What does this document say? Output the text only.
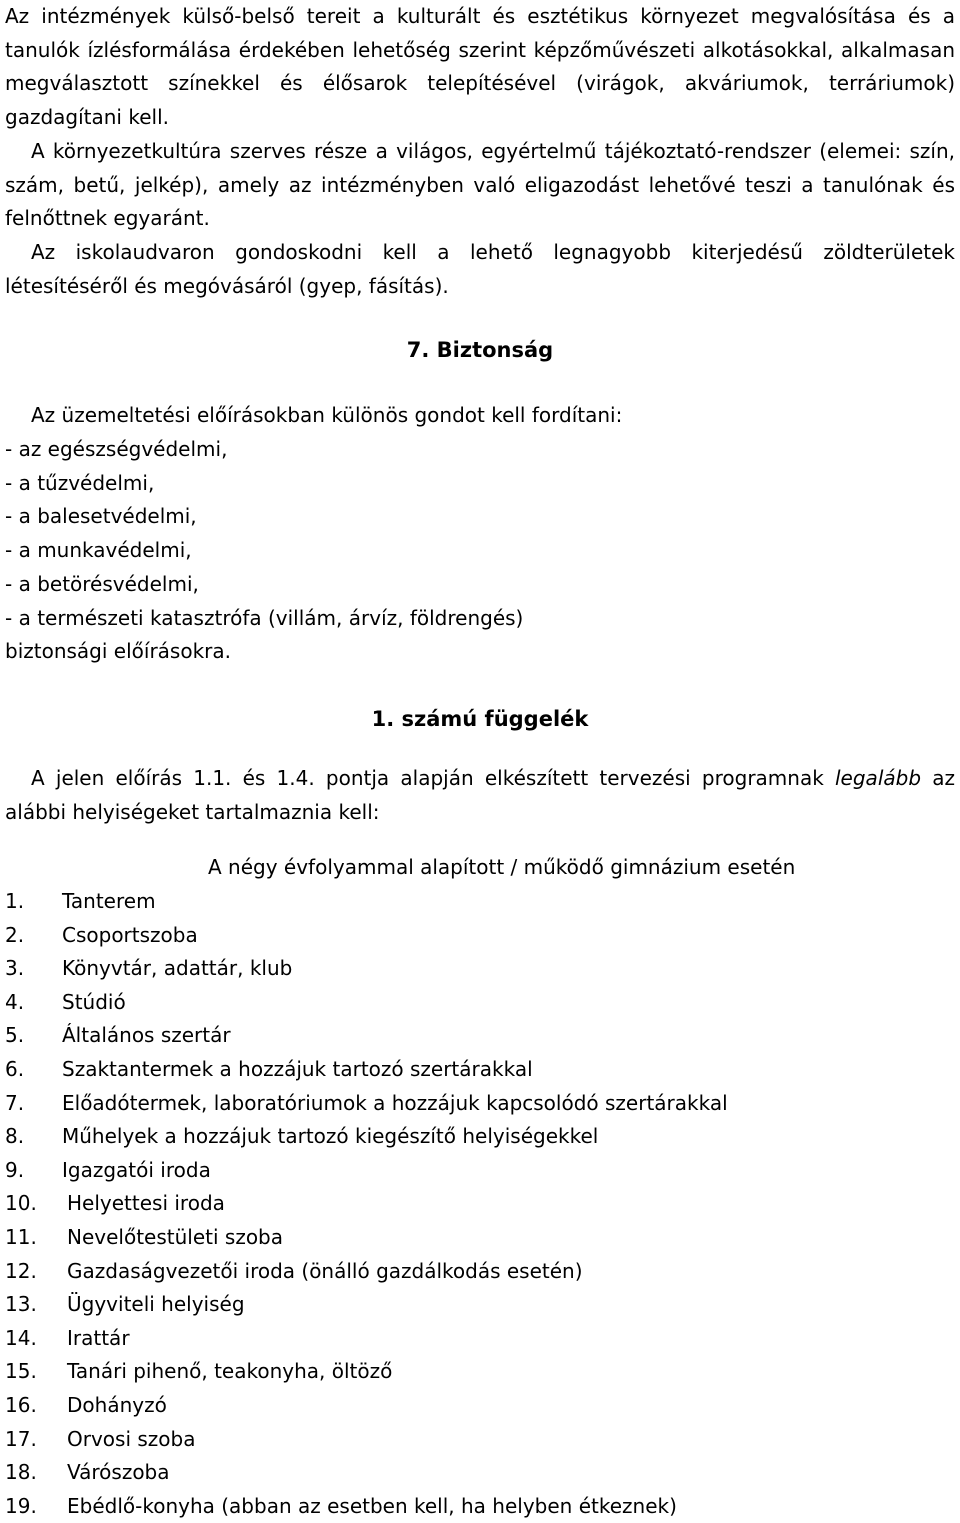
Az intézmények külső-belső tereit a kulturált és esztétikus környezet megvalósítása és a tanulók ízlésformálása érdekében lehetőség szerint képzőművészeti alkotásokkal, alkalmasan megválasztott színekkel és élősarok telepítésével (virágok, akváriumok, terráriumok) gazdagítani kell.

A környezetkultúra szerves része a világos, egyértelmű tájékoztató-rendszer (elemei: szín, szám, betű, jelkép), amely az intézményben való eligazodást lehetővé teszi a tanulónak és felnőttnek egyaránt.

Az iskolaudvaron gondoskodni kell a lehető legnagyobb kiterjedésű zöldterületek létesítéséről és megóvásáról (gyep, fásítás).

7. Biztonság

Az üzemeltetési előírásokban különös gondot kell fordítani:

- az egészségvédelmi,

- a tűzvédelmi,

- a balesetvédelmi,

- a munkavédelmi,

- a betörésvédelmi,

- a természeti katasztrófa (villám, árvíz, földrengés)

biztonsági előírásokra.

1. számú függelék

A jelen előírás 1.1. és 1.4. pontja alapján elkészített tervezési programnak legalább az alábbi helyiségeket tartalmaznia kell:

A négy évfolyammal alapított / működő gimnázium esetén

1.	Tanterem
2.	Csoportszoba
3.	Könyvtár, adattár, klub
4.	Stúdió
5.	Általános szertár
6.	Szaktantermek a hozzájuk tartozó szertárakkal
7.	Előadótermek, laboratóriumok a hozzájuk kapcsolódó szertárakkal
8.	Műhelyek a hozzájuk tartozó kiegészítő helyiségekkel
9.	Igazgatói iroda
10.	Helyettesi iroda
11.	Nevelőtestületi szoba
12.	Gazdaságvezetői iroda (önálló gazdálkodás esetén)
13.	Ügyviteli helyiség
14.	Irattár
15.	Tanári pihenő, teakonyha, öltöző
16.	Dohányzó
17.	Orvosi szoba
18.	Várószoba
19.	Ebédlő-konyha (abban az esetben kell, ha helyben étkeznek)
